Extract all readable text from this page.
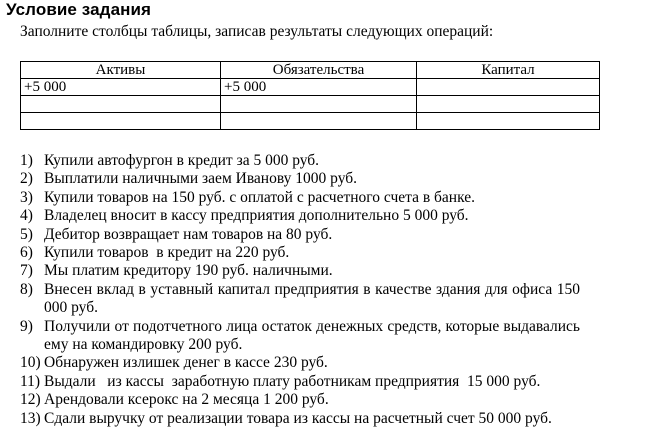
Условие задания
Заполните столбцы таблицы, записав результаты следующих операций:
Активы	Обязательства	Капитал
+5 000	+5 000	

1) Купили автофургон в кредит за 5 000 руб.
2) Выплатили наличными заем Иванову 1000 руб.
3) Купили товаров на 150 руб. с оплатой с расчетного счета в банке.
4) Владелец вносит в кассу предприятия дополнительно 5 000 руб.
5) Дебитор возвращает нам товаров на 80 руб.
6) Купили товаров  в кредит на 220 руб.
7) Мы платим кредитору 190 руб. наличными.
8) Внесен вклад в уставный капитал предприятия в качестве здания для офиса 150 000 руб.
9) Получили от подотчетного лица остаток денежных средств, которые выдавались ему на командировку 200 руб.
10) Обнаружен излишек денег в кассе 230 руб.
11) Выдали   из кассы  заработную плату работникам предприятия  15 000 руб.
12) Арендовали ксерокс на 2 месяца 1 200 руб.
13) Сдали выручку от реализации товара из кассы на расчетный счет 50 000 руб.
